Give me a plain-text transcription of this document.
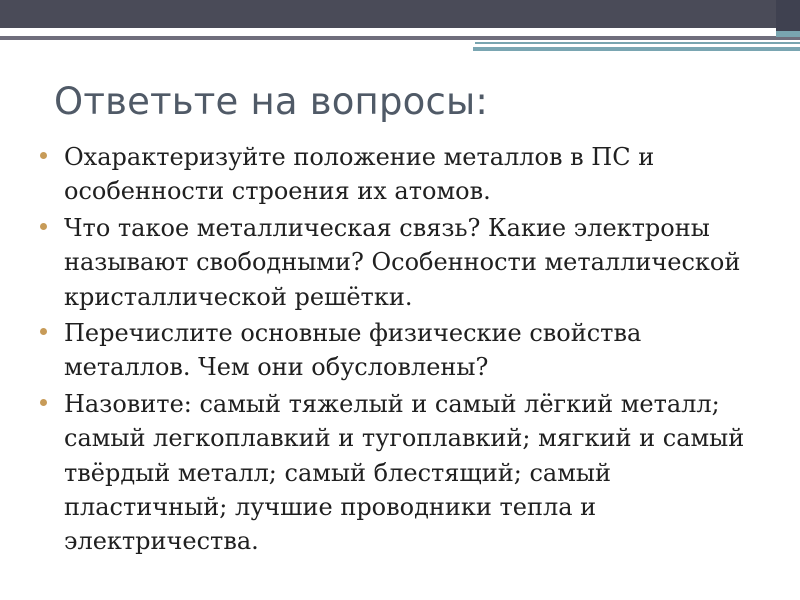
Ответьте на вопросы:
Охарактеризуйте положение металлов в ПС и особенности строения их атомов.
Что такое металлическая связь? Какие электроны называют свободными? Особенности металлической кристаллической решётки.
Перечислите основные физические свойства металлов. Чем они обусловлены?
Назовите: самый тяжелый и самый лёгкий металл; самый легкоплавкий и тугоплавкий; мягкий и самый твёрдый металл; самый блестящий; самый пластичный; лучшие проводники тепла и электричества.
